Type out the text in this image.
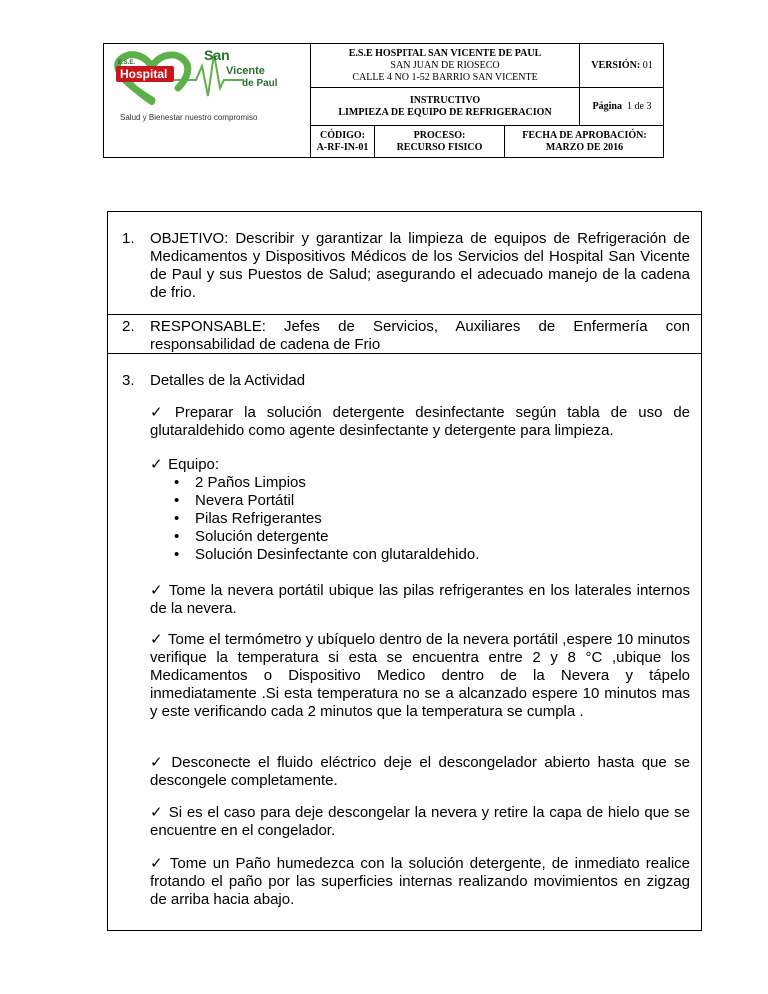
E.S.E.
Hospital
San
Vicente
de Paul
Salud y Bienestar nuestro compromiso
E.S.E HOSPITAL SAN VICENTE DE PAUL
SAN JUAN DE RIOSECO
CALLE 4 NO 1-52 BARRIO SAN VICENTE
VERSIÓN: 01
INSTRUCTIVO
LIMPIEZA DE EQUIPO DE REFRIGERACION
Página 1 de 3
CÓDIGO:
A-RF-IN-01
PROCESO:
RECURSO FISICO
FECHA DE APROBACIÓN:
MARZO DE 2016
1. OBJETIVO: Describir y garantizar la limpieza de equipos de Refrigeración de
Medicamentos y Dispositivos Médicos de los Servicios del Hospital San Vicente
de Paul y sus Puestos de Salud; asegurando el adecuado manejo de la cadena
de frio.
2. RESPONSABLE: Jefes de Servicios, Auxiliares de Enfermería con
responsabilidad de cadena de Frio
3. Detalles de la Actividad
✓ Preparar la solución detergente desinfectante según tabla de uso de
glutaraldehido como agente desinfectante y detergente para limpieza.
✓ Equipo:
• 2 Paños Limpios
• Nevera Portátil
• Pilas Refrigerantes
• Solución detergente
• Solución Desinfectante con glutaraldehido.
✓ Tome la nevera portátil ubique las pilas refrigerantes en los laterales internos
de la nevera.
✓ Tome el termómetro y ubíquelo dentro de la nevera portátil ,espere 10 minutos
verifique la temperatura si esta se encuentra entre 2 y 8 °C ,ubique los
Medicamentos o Dispositivo Medico dentro de la Nevera y tápelo
inmediatamente .Si esta temperatura no se a alcanzado espere 10 minutos mas
y este verificando cada 2 minutos que la temperatura se cumpla .
✓ Desconecte el fluido eléctrico deje el descongelador abierto hasta que se
descongele completamente.
✓ Si es el caso para deje descongelar la nevera y retire la capa de hielo que se
encuentre en el congelador.
✓ Tome un Paño humedezca con la solución detergente, de inmediato realice
frotando el paño por las superficies internas realizando movimientos en zigzag
de arriba hacia abajo.
